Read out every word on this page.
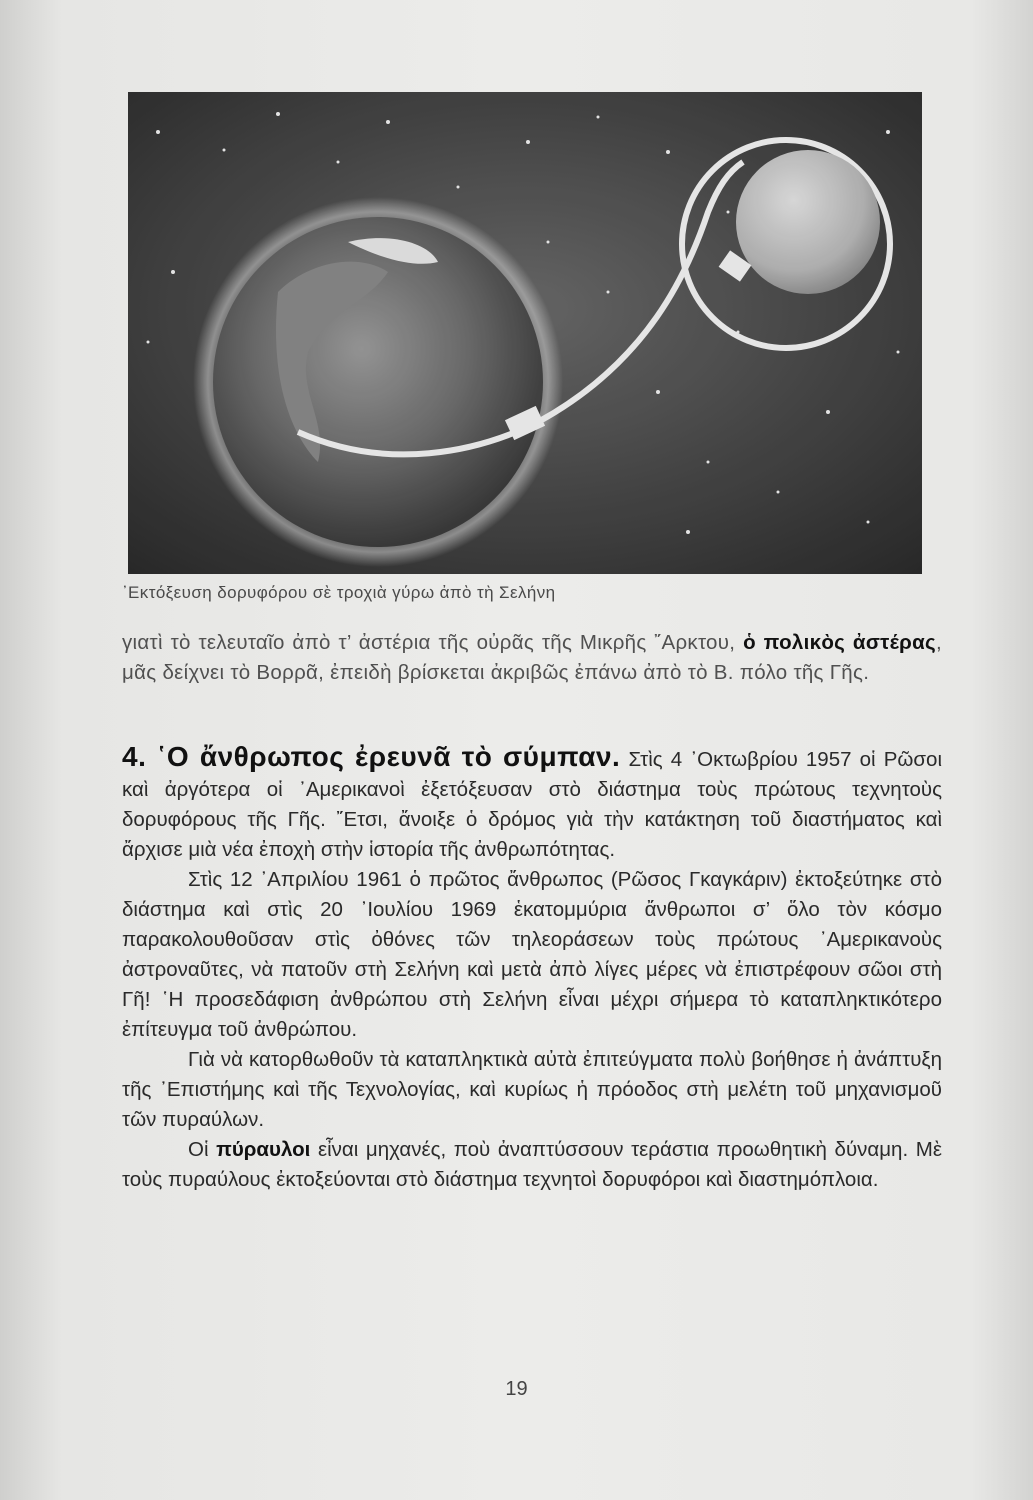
᾿Εκτόξευση δορυφόρου σὲ τροχιὰ γύρω ἀπὸ τὴ Σελήνη
γιατὶ τὸ τελευταῖο ἀπὸ τ’ ἀστέρια τῆς οὐρᾶς τῆς Μικρῆς ῎Αρκτου, ὁ πολικὸς ἀστέρας, μᾶς δείχνει τὸ Βορρᾶ, ἐπειδὴ βρίσκεται ἀκριβῶς ἐπάνω ἀπὸ τὸ Β. πόλο τῆς Γῆς.
4. ῾Ο ἄνθρωπος ἐρευνᾶ τὸ σύμπαν. Στὶς 4 ᾿Οκτωβρίου 1957 οἱ Ρῶσοι καὶ ἀργότερα οἱ ᾿Αμερικανοὶ ἐξετόξευσαν στὸ διάστημα τοὺς πρώτους τεχνητοὺς δορυφόρους τῆς Γῆς. ῎Ετσι, ἄνοιξε ὁ δρόμος γιὰ τὴν κατάκτηση τοῦ διαστήματος καὶ ἄρχισε μιὰ νέα ἐποχὴ στὴν ἱστορία τῆς ἀνθρωπότητας.
Στὶς 12 ᾿Απριλίου 1961 ὁ πρῶτος ἄνθρωπος (Ρῶσος Γκαγκάριν) ἐκτοξεύτηκε στὸ διάστημα καὶ στὶς 20 ᾿Ιουλίου 1969 ἑκατομμύρια ἄνθρωποι σ’ ὅλο τὸν κόσμο παρακολουθοῦσαν στὶς ὀθόνες τῶν τηλεοράσεων τοὺς πρώτους ᾿Αμερικανοὺς ἀστροναῦτες, νὰ πατοῦν στὴ Σελήνη καὶ μετὰ ἀπὸ λίγες μέρες νὰ ἐπιστρέφουν σῶοι στὴ Γῆ! ῾Η προσεδάφιση ἀνθρώπου στὴ Σελήνη εἶναι μέχρι σήμερα τὸ καταπληκτικότερο ἐπίτευγμα τοῦ ἀνθρώπου.
Γιὰ νὰ κατορθωθοῦν τὰ καταπληκτικὰ αὐτὰ ἐπιτεύγματα πολὺ βοήθησε ἡ ἀνάπτυξη τῆς ᾿Επιστήμης καὶ τῆς Τεχνολογίας, καὶ κυρίως ἡ πρόοδος στὴ μελέτη τοῦ μηχανισμοῦ τῶν πυραύλων.
Οἱ πύραυλοι εἶναι μηχανές, ποὺ ἀναπτύσσουν τεράστια προωθητικὴ δύναμη. Μὲ τοὺς πυραύλους ἐκτοξεύονται στὸ διάστημα τεχνητοὶ δορυφόροι καὶ διαστημόπλοια.
19
